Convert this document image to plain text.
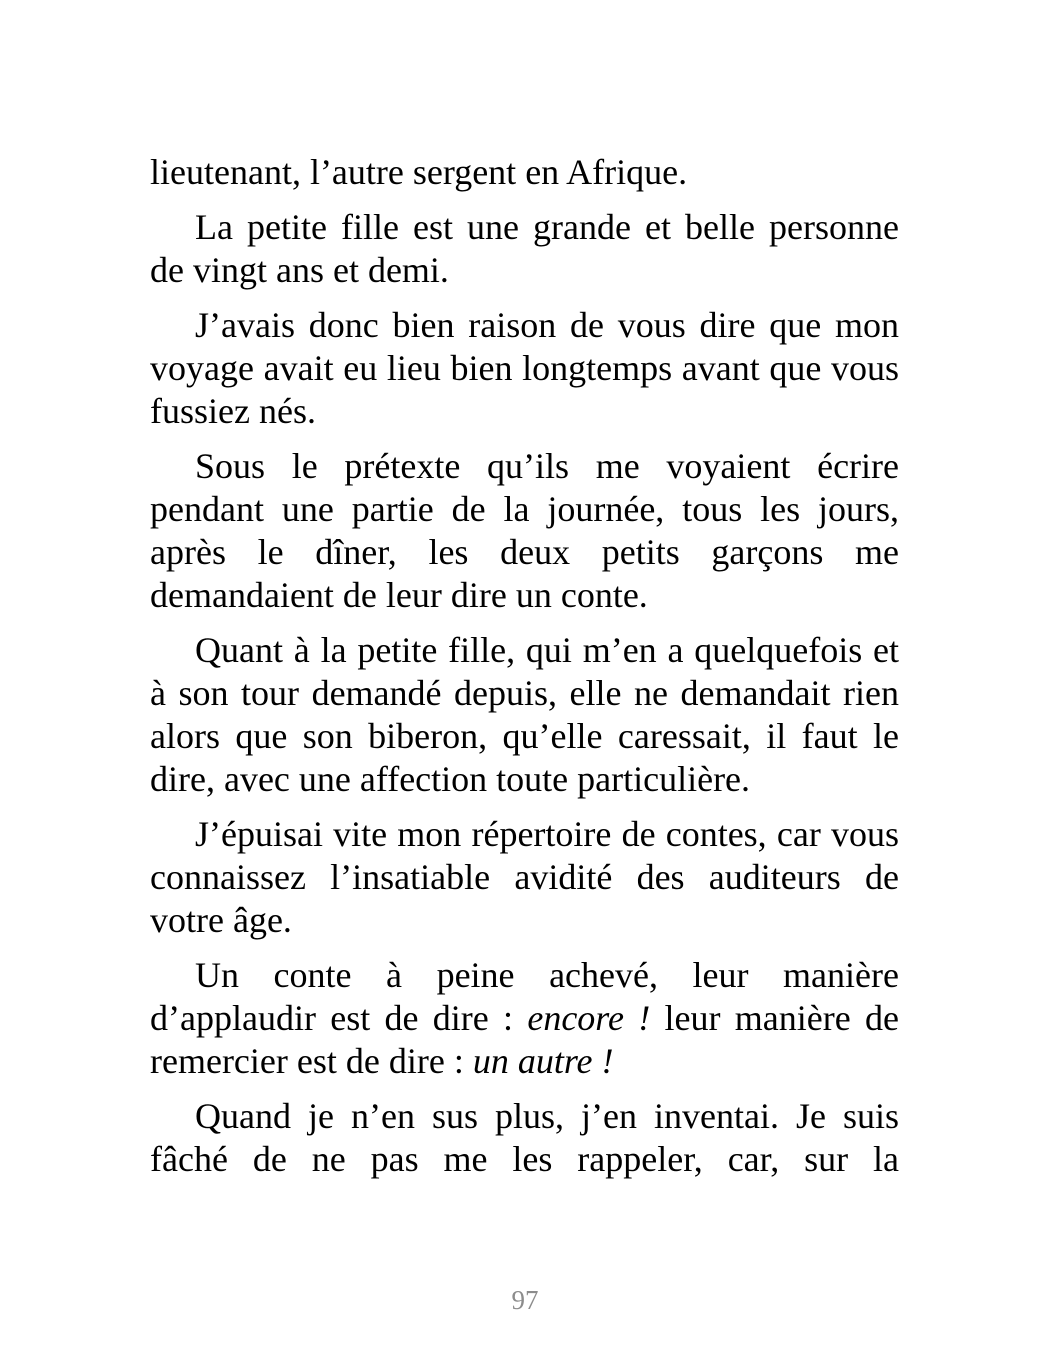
lieutenant, l’autre sergent en Afrique.

La petite fille est une grande et belle personne de vingt ans et demi.

J’avais donc bien raison de vous dire que mon voyage avait eu lieu bien longtemps avant que vous fussiez nés.

Sous le prétexte qu’ils me voyaient écrire pendant une partie de la journée, tous les jours, après le dîner, les deux petits garçons me demandaient de leur dire un conte.

Quant à la petite fille, qui m’en a quelquefois et à son tour demandé depuis, elle ne demandait rien alors que son biberon, qu’elle caressait, il faut le dire, avec une affection toute particulière.

J’épuisai vite mon répertoire de contes, car vous connaissez l’insatiable avidité des auditeurs de votre âge.

Un conte à peine achevé, leur manière d’applaudir est de dire : encore ! leur manière de remercier est de dire : un autre !

Quand je n’en sus plus, j’en inventai. Je suis fâché de ne pas me les rappeler, car, sur la

97
